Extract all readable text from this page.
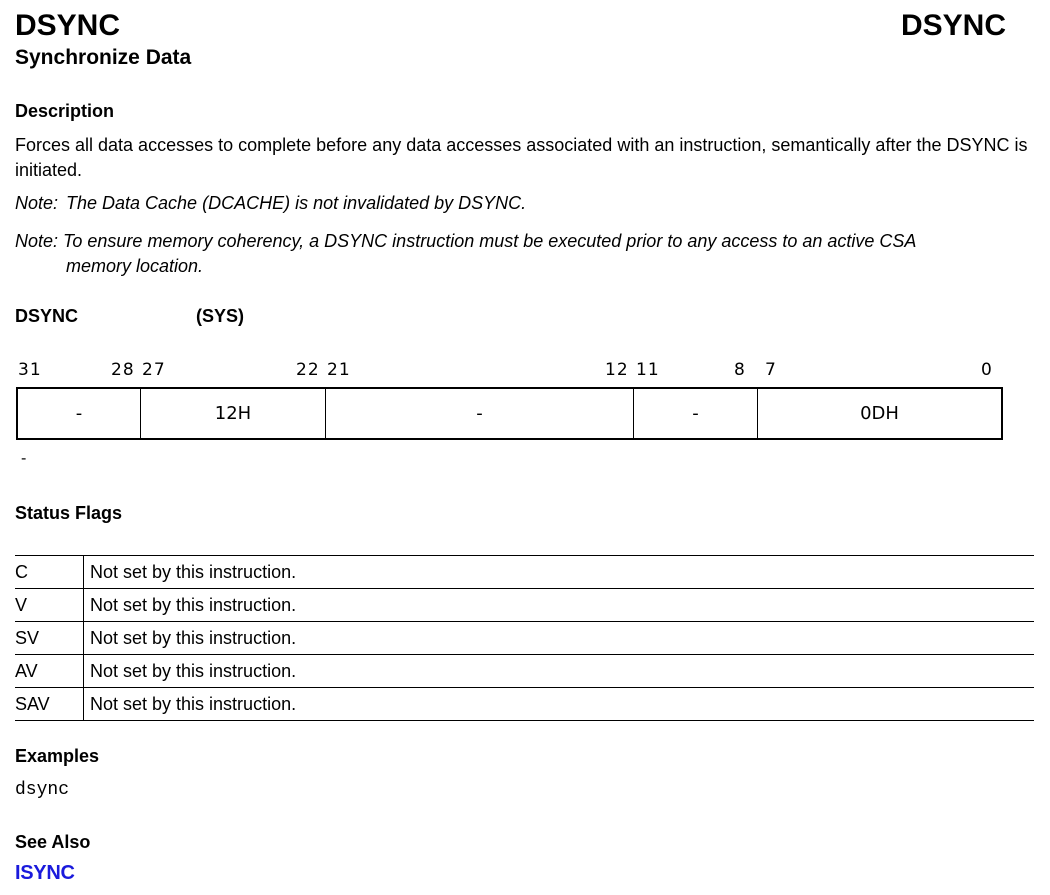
DSYNC	DSYNC
Synchronize Data
Description
Forces all data accesses to complete before any data accesses associated with an instruction, semantically after the DSYNC is initiated.
Note: The Data Cache (DCACHE) is not invalidated by DSYNC.
Note: To ensure memory coherency, a DSYNC instruction must be executed prior to any access to an active CSA
memory location.
DSYNC	(SYS)
31	28 27	22 21	12 11	8 7	0
-	12 H	-	-	0D H
-
Status Flags
C	Not set by this instruction.
V	Not set by this instruction.
SV	Not set by this instruction.
AV	Not set by this instruction.
SAV	Not set by this instruction.
Examples
dsync
See Also
ISYNC
